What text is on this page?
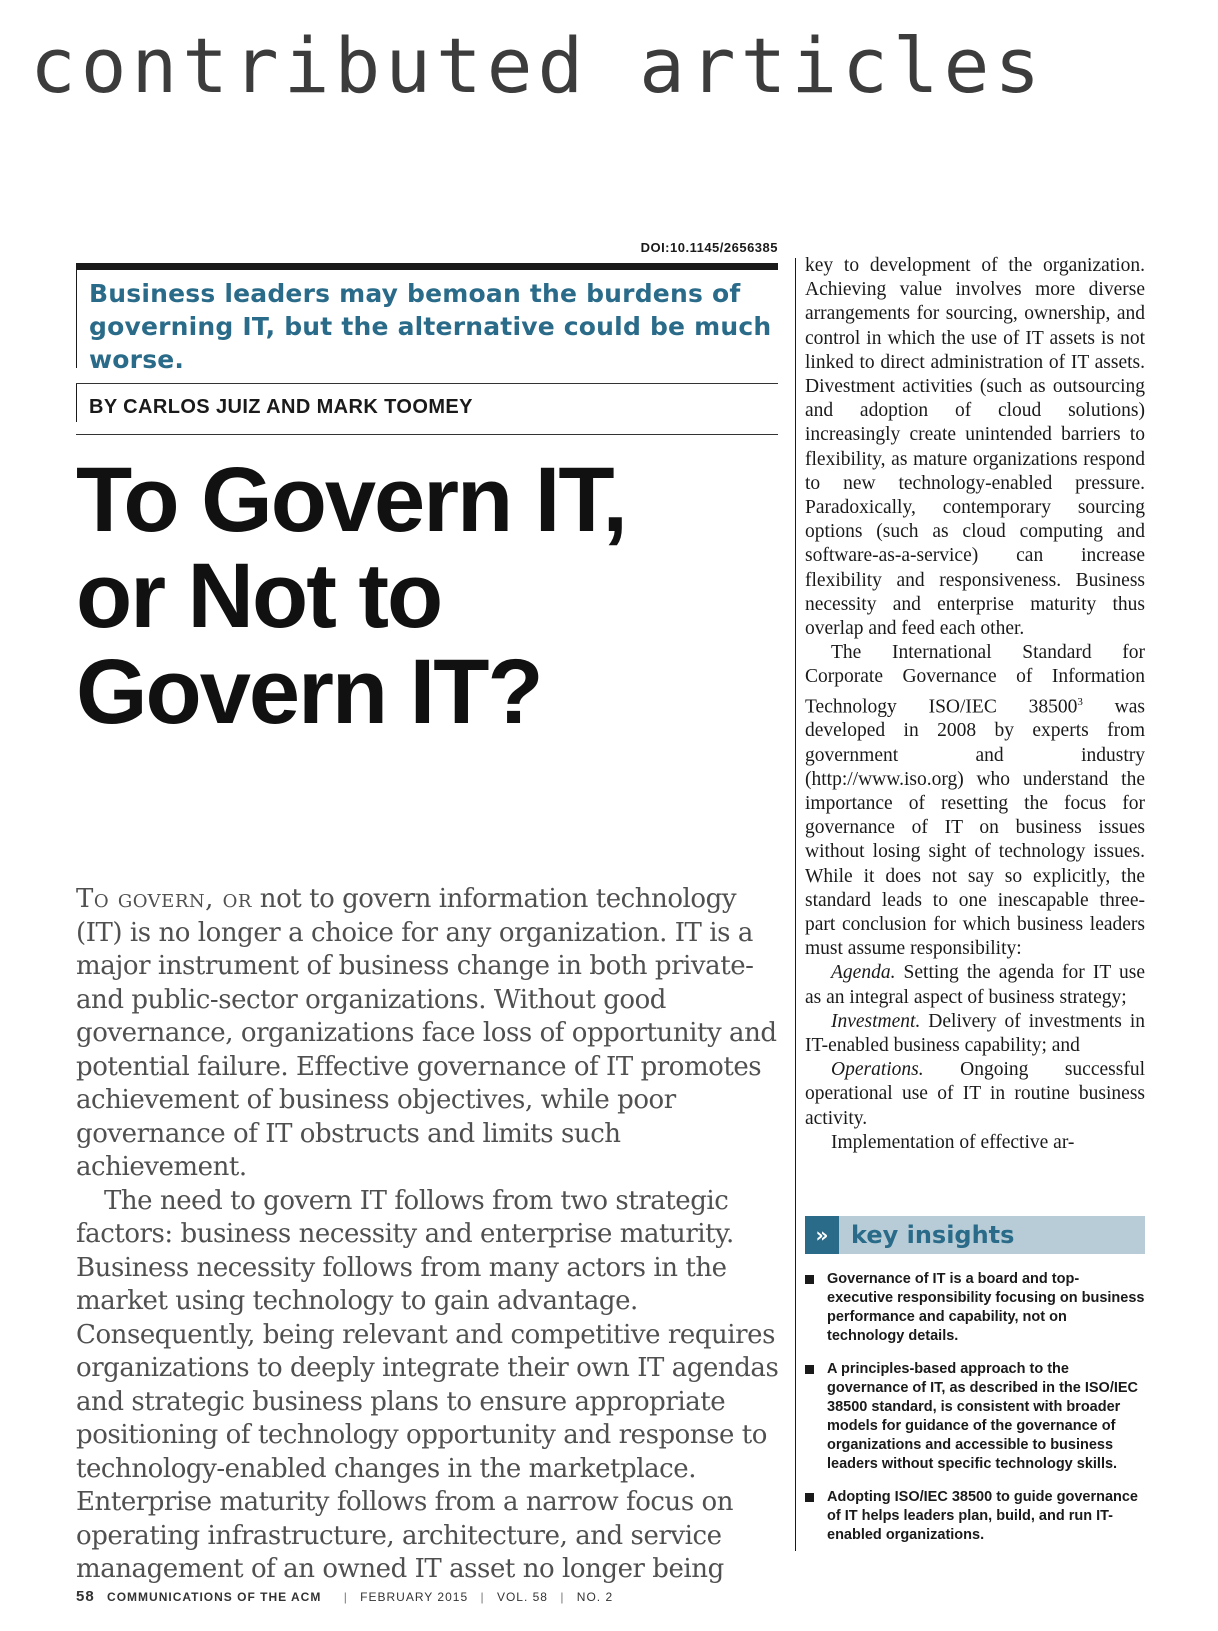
contributed articles
DOI:10.1145/2656385
Business leaders may bemoan the burdens of governing IT, but the alternative could be much worse.
BY CARLOS JUIZ AND MARK TOOMEY
To Govern IT,
or Not to
Govern IT?

To govern, or not to govern information technology (IT) is no longer a choice for any organization. IT is a major instrument of business change in both private- and public-sector organizations. Without good governance, organizations face loss of opportunity and potential failure. Effective governance of IT promotes achievement of business objectives, while poor governance of IT obstructs and limits such achievement.

The need to govern IT follows from two strategic factors: business necessity and enterprise maturity. Business necessity follows from many actors in the market using technology to gain advantage. Consequently, being relevant and competitive requires organizations to deeply integrate their own IT agendas and strategic business plans to ensure appropriate positioning of technology opportunity and response to technology-enabled changes in the marketplace. Enterprise maturity follows from a narrow focus on operating infrastructure, architecture, and service management of an owned IT asset no longer being

key to development of the organization. Achieving value involves more diverse arrangements for sourcing, ownership, and control in which the use of IT assets is not linked to direct administration of IT assets. Divestment activities (such as outsourcing and adoption of cloud solutions) increasingly create unintended barriers to flexibility, as mature organizations respond to new technology-enabled pressure. Paradoxically, contemporary sourcing options (such as cloud computing and software-as-a-service) can increase flexibility and responsiveness. Business necessity and enterprise maturity thus overlap and feed each other.

The International Standard for Corporate Governance of Information Technology ISO/IEC 38500$^3$ was developed in 2008 by experts from government and industry (http://www.iso.org) who understand the importance of resetting the focus for governance of IT on business issues without losing sight of technology issues. While it does not say so explicitly, the standard leads to one inescapable three-part conclusion for which business leaders must assume responsibility:

Agenda. Setting the agenda for IT use as an integral aspect of business strategy;

Investment. Delivery of investments in IT-enabled business capability; and

Operations. Ongoing successful operational use of IT in routine business activity.

Implementation of effective ar-

» key insights
Governance of IT is a board and top-executive responsibility focusing on business performance and capability, not on technology details.
A principles-based approach to the governance of IT, as described in the ISO/IEC 38500 standard, is consistent with broader models for guidance of the governance of organizations and accessible to business leaders without specific technology skills.
Adopting ISO/IEC 38500 to guide governance of IT helps leaders plan, build, and run IT-enabled organizations.
58 COMMUNICATIONS OF THE ACM | FEBRUARY 2015 | VOL. 58 | NO. 2
